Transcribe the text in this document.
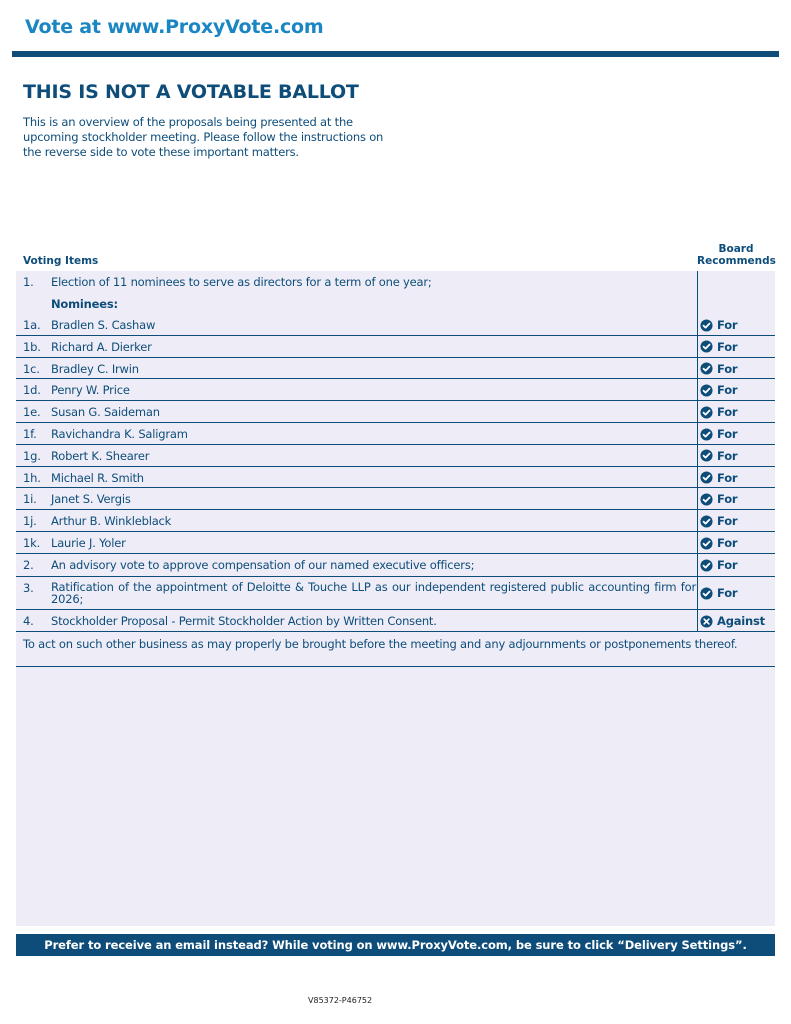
Vote at www.ProxyVote.com
THIS IS NOT A VOTABLE BALLOT
This is an overview of the proposals being presented at the upcoming stockholder meeting. Please follow the instructions on the reverse side to vote these important matters.
Voting Items
Board
Recommends
1. Election of 11 nominees to serve as directors for a term of one year;
Nominees:
1a. Bradlen S. Cashaw	For
1b. Richard A. Dierker	For
1c. Bradley C. Irwin	For
1d. Penry W. Price	For
1e. Susan G. Saideman	For
1f. Ravichandra K. Saligram	For
1g. Robert K. Shearer	For
1h. Michael R. Smith	For
1i. Janet S. Vergis	For
1j. Arthur B. Winkleblack	For
1k. Laurie J. Yoler	For
2. An advisory vote to approve compensation of our named executive officers;	For
3. Ratification of the appointment of Deloitte & Touche LLP as our independent registered public accounting firm for 2026;	For
4. Stockholder Proposal - Permit Stockholder Action by Written Consent.	Against
To act on such other business as may properly be brought before the meeting and any adjournments or postponements thereof.
Prefer to receive an email instead? While voting on www.ProxyVote.com, be sure to click “Delivery Settings”.
V85372-P46752
